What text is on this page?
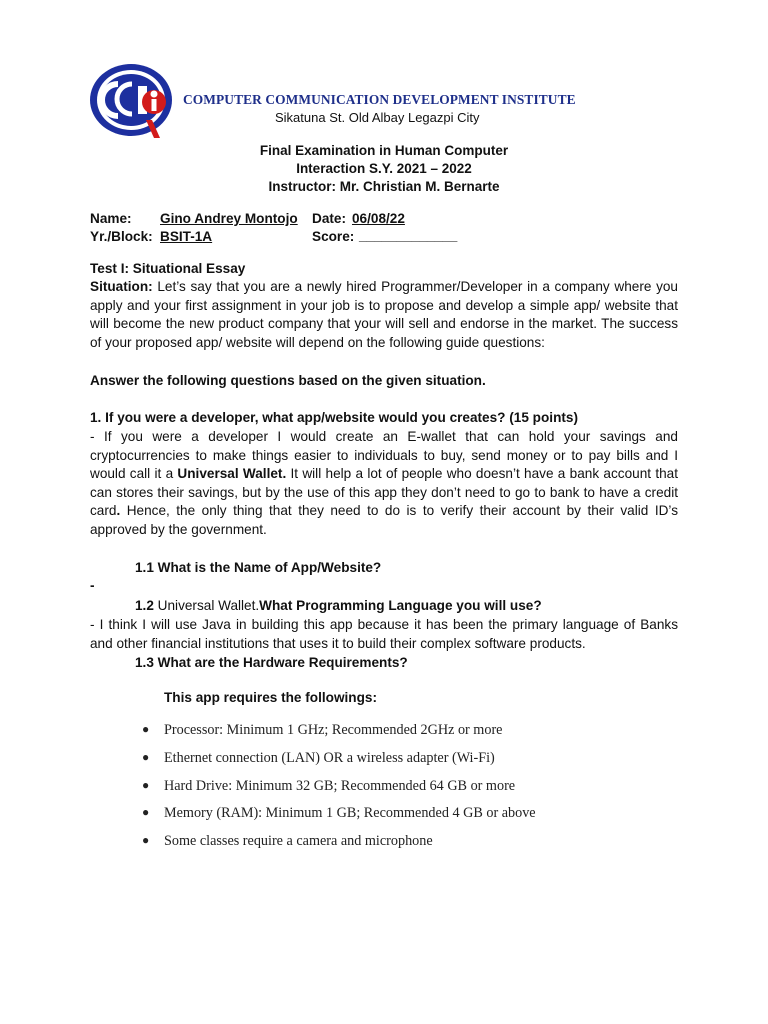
COMPUTER COMMUNICATION DEVELOPMENT INSTITUTE
Sikatuna St. Old Albay Legazpi City
Final Examination in Human Computer
Interaction S.Y. 2021 – 2022
Instructor: Mr. Christian M. Bernarte
Name: Gino Andrey Montojo Date: 06/08/22
Yr./Block: BSIT-1A	Score: _____________
Test I: Situational Essay
Situation: Let’s say that you are a newly hired Programmer/Developer in a company where you apply and your first assignment in your job is to propose and develop a simple app/ website that will become the new product company that your will sell and endorse in the market. The success of your proposed app/ website will depend on the following guide questions:
Answer the following questions based on the given situation.
1. If you were a developer, what app/website would you creates? (15 points)
- If you were a developer I would create an E-wallet that can hold your savings and cryptocurrencies to make things easier to individuals to buy, send money or to pay bills and I would call it a Universal Wallet. It will help a lot of people who doesn’t have a bank account that can stores their savings, but by the use of this app they don’t need to go to bank to have a credit card. Hence, the only thing that they need to do is to verify their account by their valid ID’s approved by the government.
1.1 What is the Name of App/Website?
-
1.2 Universal Wallet.What Programming Language you will use?
- I think I will use Java in building this app because it has been the primary language of Banks and other financial institutions that uses it to build their complex software products.
1.3 What are the Hardware Requirements?
This app requires the followings:
● Processor: Minimum 1 GHz; Recommended 2GHz or more
● Ethernet connection (LAN) OR a wireless adapter (Wi-Fi)
● Hard Drive: Minimum 32 GB; Recommended 64 GB or more
● Memory (RAM): Minimum 1 GB; Recommended 4 GB or above
● Some classes require a camera and microphone
